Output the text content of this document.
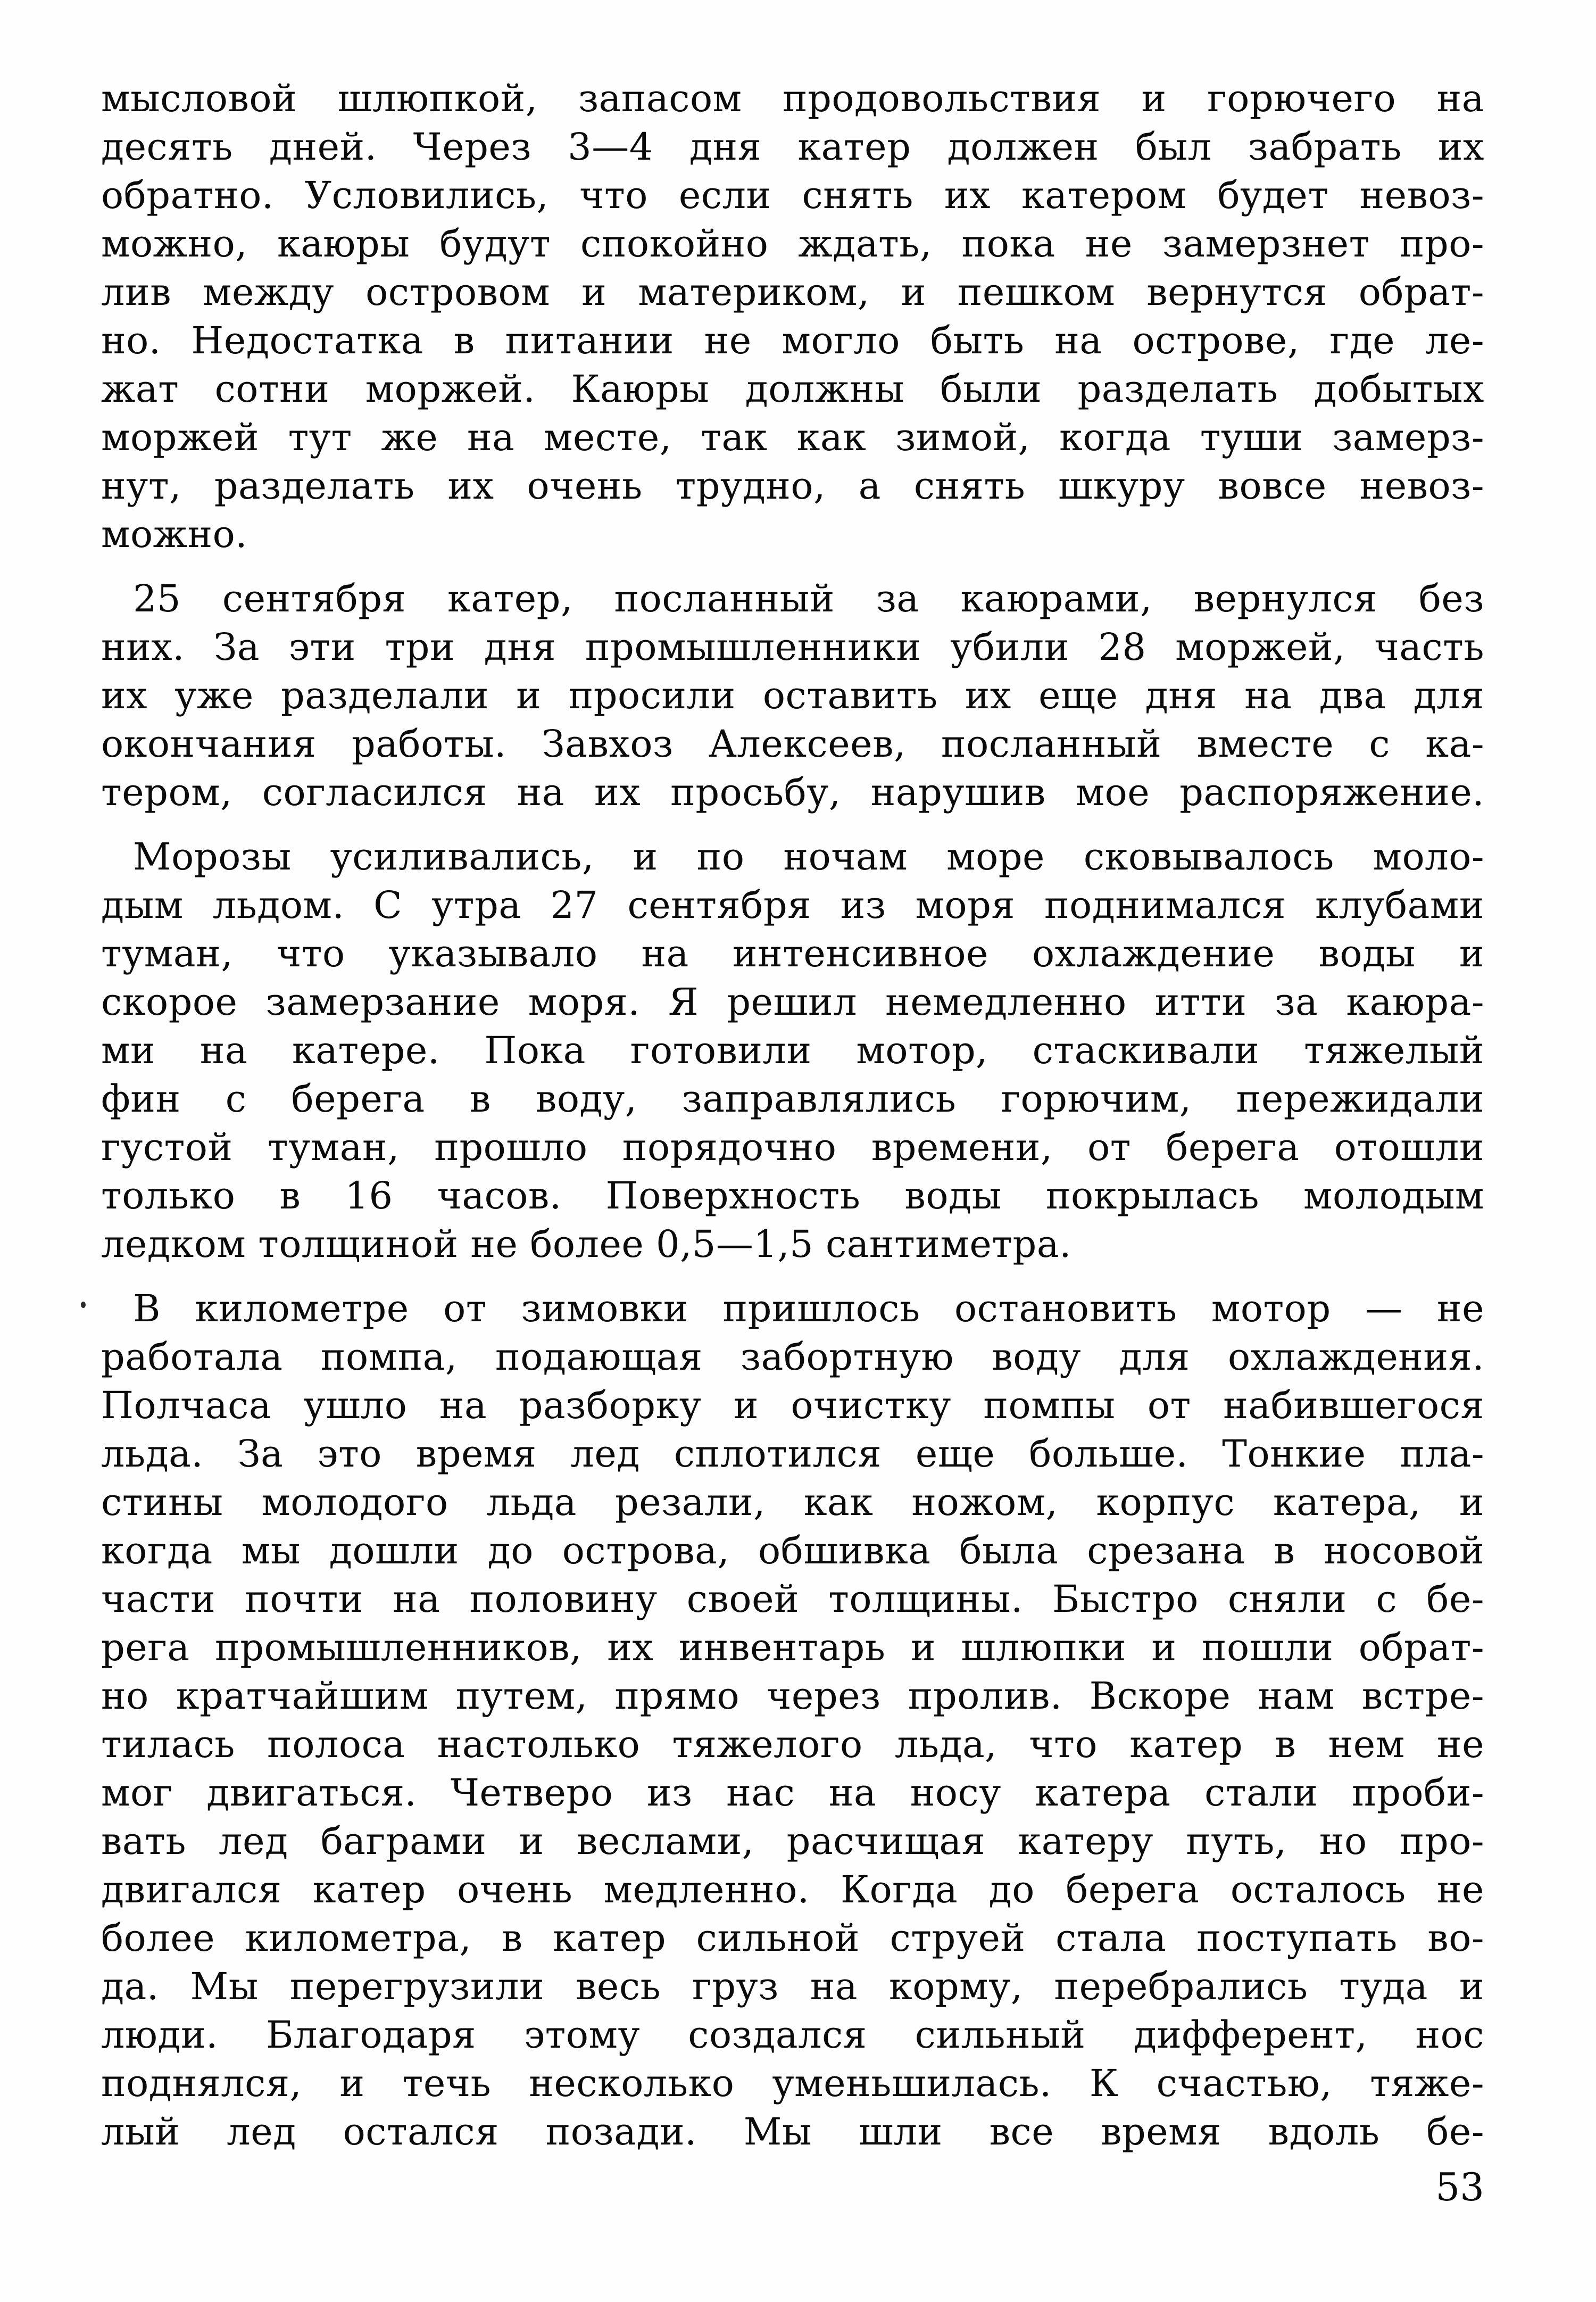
мысловой шлюпкой, запасом продовольствия и горючего на
десять дней. Через 3—4 дня катер должен был забрать их
обратно. Условились, что если снять их катером будет невоз-
можно, каюры будут спокойно ждать, пока не замерзнет про-
лив между островом и материком, и пешком вернутся обрат-
но. Недостатка в питании не могло быть на острове, где ле-
жат сотни моржей. Каюры должны были разделать добытых
моржей тут же на месте, так как зимой, когда туши замерз-
нут, разделать их очень трудно, а снять шкуру вовсе невоз-
можно.

25 сентября катер, посланный за каюрами, вернулся без
них. За эти три дня промышленники убили 28 моржей, часть
их уже разделали и просили оставить их еще дня на два для
окончания работы. Завхоз Алексеев, посланный вместе с ка-
тером, согласился на их просьбу, нарушив мое распоряжение.

Морозы усиливались, и по ночам море сковывалось моло-
дым льдом. С утра 27 сентября из моря поднимался клубами
туман, что указывало на интенсивное охлаждение воды и
скорое замерзание моря. Я решил немедленно итти за каюра-
ми на катере. Пока готовили мотор, стаскивали тяжелый
фин с берега в воду, заправлялись горючим, пережидали
густой туман, прошло порядочно времени, от берега отошли
только в 16 часов. Поверхность воды покрылась молодым
ледком толщиной не более 0,5—1,5 сантиметра.

В километре от зимовки пришлось остановить мотор — не
работала помпа, подающая забортную воду для охлаждения.
Полчаса ушло на разборку и очистку помпы от набившегося
льда. За это время лед сплотился еще больше. Тонкие пла-
стины молодого льда резали, как ножом, корпус катера, и
когда мы дошли до острова, обшивка была срезана в носовой
части почти на половину своей толщины. Быстро сняли с бе-
рега промышленников, их инвентарь и шлюпки и пошли обрат-
но кратчайшим путем, прямо через пролив. Вскоре нам встре-
тилась полоса настолько тяжелого льда, что катер в нем не
мог двигаться. Четверо из нас на носу катера стали проби-
вать лед баграми и веслами, расчищая катеру путь, но про-
двигался катер очень медленно. Когда до берега осталось не
более километра, в катер сильной струей стала поступать во-
да. Мы перегрузили весь груз на корму, перебрались туда и
люди. Благодаря этому создался сильный дифферент, нос
поднялся, и течь несколько уменьшилась. К счастью, тяже-
лый лед остался позади. Мы шли все время вдоль бе-

53
